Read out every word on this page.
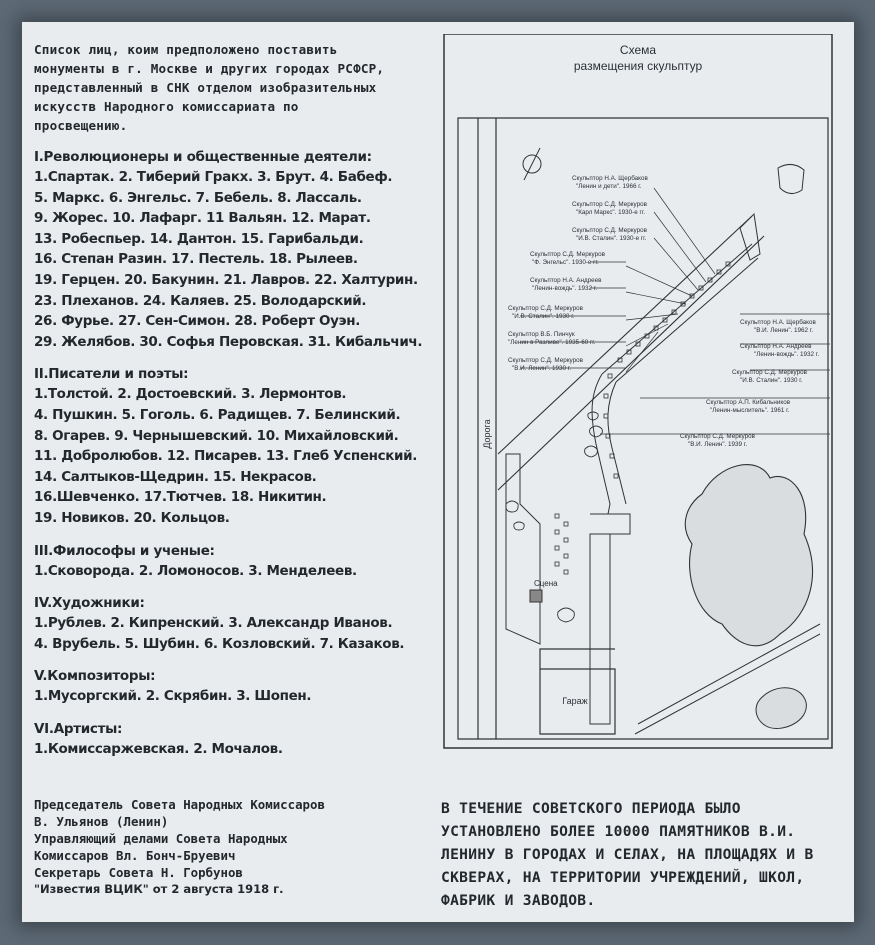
Список лиц, коим предположено поставить
монументы в г. Москве и других городах РСФСР,
представленный в СНК отделом изобразительных
искусств Народного комиссариата по
просвещению.
I.Революционеры и общественные деятели:
1.Спартак. 2. Тиберий Гракх. 3. Брут. 4. Бабеф.
5. Маркс. 6. Энгельс. 7. Бебель. 8. Лассаль.
9. Жорес. 10. Лафарг. 11 Вальян. 12. Марат.
13. Робеспьер. 14. Дантон. 15. Гарибальди.
16. Степан Разин. 17. Пестель. 18. Рылеев.
19. Герцен. 20. Бакунин. 21. Лавров. 22. Халтурин.
23. Плеханов. 24. Каляев. 25. Володарский.
26. Фурье. 27. Сен-Симон. 28. Роберт Оуэн.
29. Желябов. 30. Софья Перовская. 31. Кибальчич.
II.Писатели и поэты:
1.Толстой. 2. Достоевский. 3. Лермонтов.
4. Пушкин. 5. Гоголь. 6. Радищев. 7. Белинский.
8. Огарев. 9. Чернышевский. 10. Михайловский.
11. Добролюбов. 12. Писарев. 13. Глеб Успенский.
14. Салтыков-Щедрин. 15. Некрасов.
16.Шевченко. 17.Тютчев. 18. Никитин.
19. Новиков. 20. Кольцов.
III.Философы и ученые:
1.Сковорода. 2. Ломоносов. 3. Менделеев.
IV.Художники:
1.Рублев. 2. Кипренский. 3. Александр Иванов.
4. Врубель. 5. Шубин. 6. Козловский. 7. Казаков.
V.Композиторы:
1.Мусоргский. 2. Скрябин. 3. Шопен.
VI.Артисты:
1.Комиссаржевская. 2. Мочалов.
Председатель Совета Народных Комиссаров
В. Ульянов (Ленин)
Управляющий делами Совета Народных
Комиссаров Вл. Бонч-Бруевич
Секретарь Совета Н. Горбунов
"Известия ВЦИК" от 2 августа 1918 г.
В ТЕЧЕНИЕ СОВЕТСКОГО ПЕРИОДА БЫЛО УСТАНОВЛЕНО БОЛЕЕ 10000 ПАМЯТНИКОВ В.И. ЛЕНИНУ В ГОРОДАХ И СЕЛАХ, НА ПЛОЩАДЯХ И В СКВЕРАХ, НА ТЕРРИТОРИИ УЧРЕЖДЕНИЙ, ШКОЛ, ФАБРИК И ЗАВОДОВ.
Схема
размещения скульптур
Дорога
Сцена
Гараж
Скульптор Н.А. Щербаков
"Ленин и дети". 1966 г.
Скульптор С.Д. Меркуров
"Карл Маркс". 1930-е гг.
Скульптор С.Д. Меркуров
"И.В. Сталин". 1930-е гг.
Скульптор С.Д. Меркуров
"Ф. Энгельс". 1930-е гг.
Скульптор Н.А. Андреев
"Ленин-вождь". 1932 г.
Скульптор С.Д. Меркуров
"И.В. Сталин". 1930 г.
Скульптор В.Б. Пинчук
"Ленин в Разливе". 1935-60 гг.
Скульптор С.Д. Меркуров
"В.И. Ленин". 1930 г.
Скульптор Н.А. Щербаков
"В.И. Ленин". 1962 г.
Скульптор Н.А. Андреев
"Ленин-вождь". 1932 г.
Скульптор С.Д. Меркуров
"И.В. Сталин". 1930 г.
Скульптор А.П. Кибальников
"Ленин-мыслитель". 1961 г.
Скульптор С.Д. Меркуров
"В.И. Ленин". 1939 г.
